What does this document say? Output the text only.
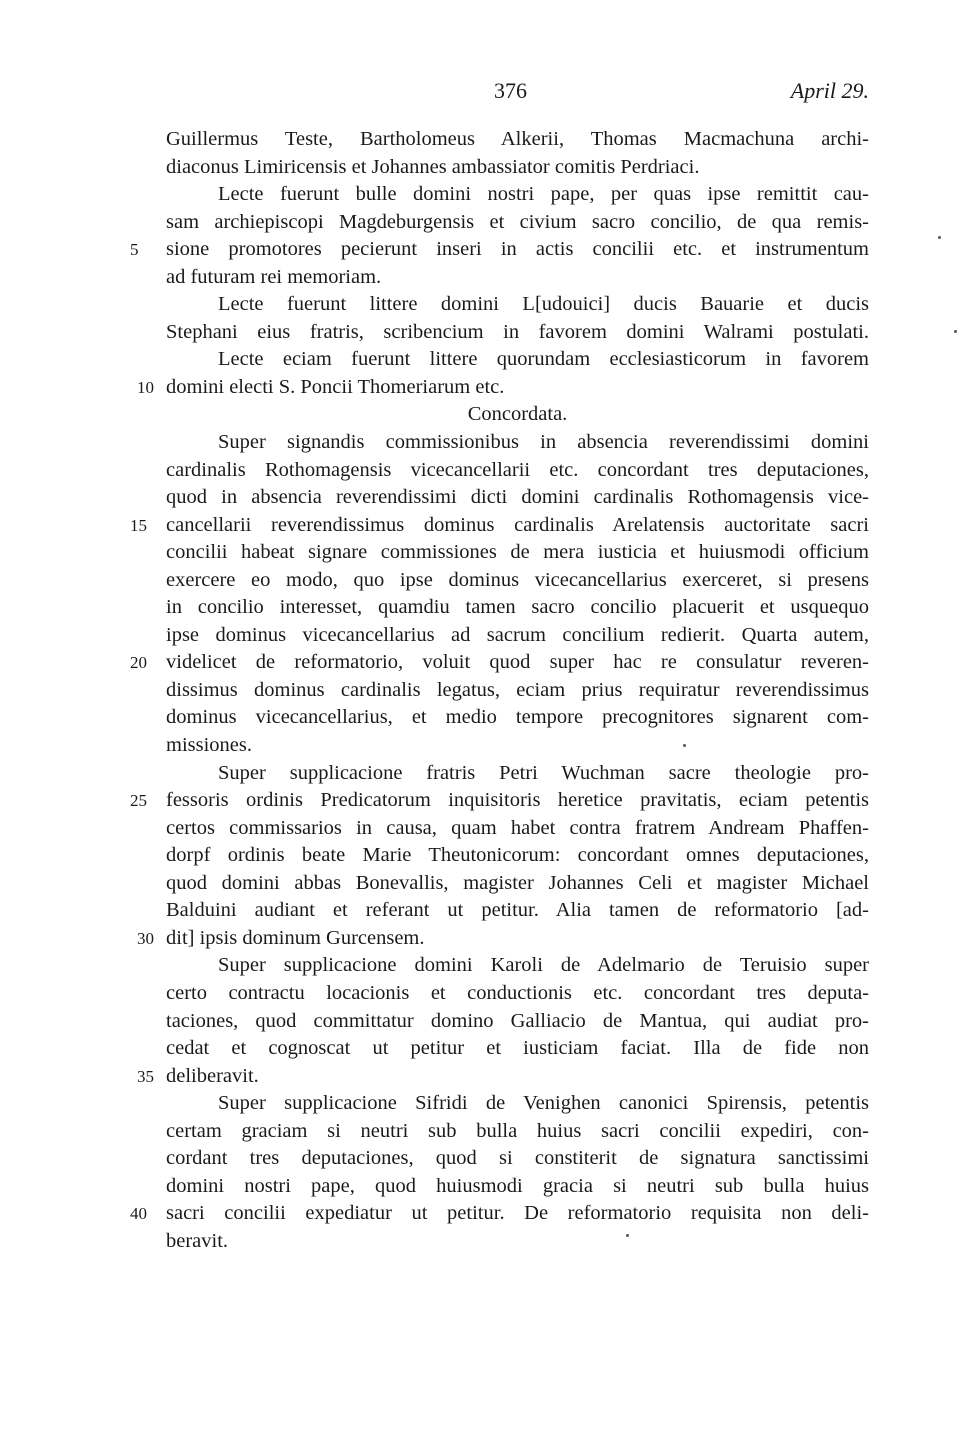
376	April 29.
Guillermus Teste, Bartholomeus Alkerii, Thomas Macmachuna archi-
diaconus Limiricensis et Johannes ambassiator comitis Perdriaci.
Lecte fuerunt bulle domini nostri pape, per quas ipse remittit cau-
sam archiepiscopi Magdeburgensis et civium sacro concilio, de qua remis-
5	sione promotores pecierunt inseri in actis concilii etc. et instrumentum
ad futuram rei memoriam.
Lecte fuerunt littere domini L[udouici] ducis Bauarie et ducis
Stephani eius fratris, scribencium in favorem domini Walrami postulati.
Lecte eciam fuerunt littere quorundam ecclesiasticorum in favorem
10 domini electi S. Poncii Thomeriarum etc.
Concordata.
Super signandis commissionibus in absencia reverendissimi domini
cardinalis Rothomagensis vicecancellarii etc. concordant tres deputaciones,
quod in absencia reverendissimi dicti domini cardinalis Rothomagensis vice-
15 cancellarii reverendissimus dominus cardinalis Arelatensis auctoritate sacri
concilii habeat signare commissiones de mera iusticia et huiusmodi officium
exercere eo modo, quo ipse dominus vicecancellarius exerceret, si presens
in concilio interesset, quamdiu tamen sacro concilio placuerit et usquequo
ipse dominus vicecancellarius ad sacrum concilium redierit. Quarta autem,
20 videlicet de reformatorio, voluit quod super hac re consulatur reveren-
dissimus dominus cardinalis legatus, eciam prius requiratur reverendissimus
dominus vicecancellarius, et medio tempore precognitores signarent com-
missiones.
Super supplicacione fratris Petri Wuchman sacre theologie pro-
25 fessoris ordinis Predicatorum inquisitoris heretice pravitatis, eciam petentis
certos commissarios in causa, quam habet contra fratrem Andream Phaffen-
dorpf ordinis beate Marie Theutonicorum: concordant omnes deputaciones,
quod domini abbas Bonevallis, magister Johannes Celi et magister Michael
Balduini audiant et referant ut petitur. Alia tamen de reformatorio [ad-
30 dit] ipsis dominum Gurcensem.
Super supplicacione domini Karoli de Adelmario de Teruisio super
certo contractu locacionis et conductionis etc. concordant tres deputa-
taciones, quod committatur domino Galliacio de Mantua, qui audiat pro-
cedat et cognoscat ut petitur et iusticiam faciat. Illa de fide non
35 deliberavit.
Super supplicacione Sifridi de Venighen canonici Spirensis, petentis
certam graciam si neutri sub bulla huius sacri concilii expediri, con-
cordant tres deputaciones, quod si constiterit de signatura sanctissimi
domini nostri pape, quod huiusmodi gracia si neutri sub bulla huius
40 sacri concilii expediatur ut petitur. De reformatorio requisita non deli-
beravit.
